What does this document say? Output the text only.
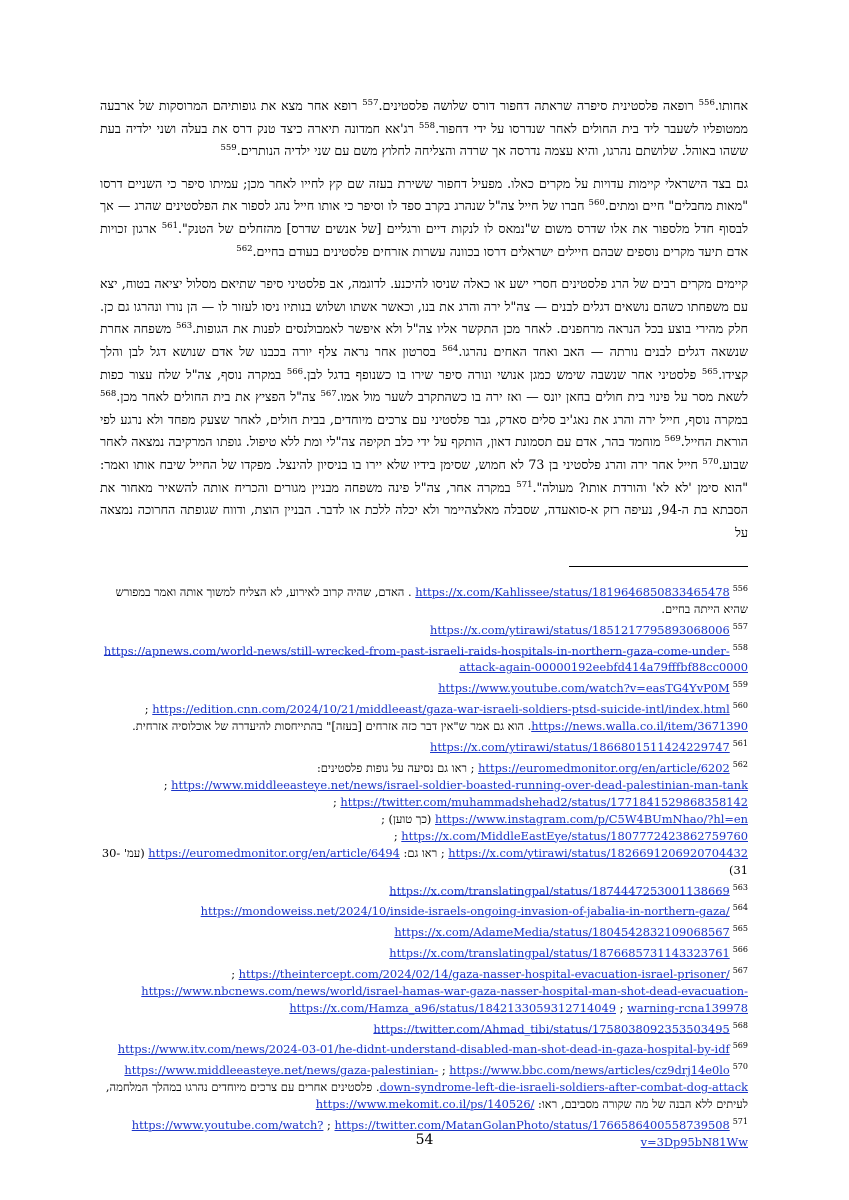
אחותו.$^{556}$ רופאה פלסטינית סיפרה שראתה דחפור דורס שלושה פלסטינים.$^{557}$ רופא אחר מצא את גופותיהם המרוסקות של ארבעה ממטופליו לשעבר ליד בית החולים לאחר שנדרסו על ידי דחפור.$^{558}$ רג'אא חמדונה תיארה כיצד טנק דרס את בעלה ושני ילדיה בעת ששהו באוהל. שלושתם נהרגו, והיא עצמה נדרסה אך שרדה והצליחה לחלוץ משם עם שני ילדיה הנותרים.$^{559}$

גם בצד הישראלי קיימות עדויות על מקרים כאלו. מפעיל דחפור ששירת בעזה שם קץ לחייו לאחר מכן; עמיתו סיפר כי השניים דרסו "מאות מחבלים" חיים ומתים.$^{560}$ חברו של חייל צה"ל שנהרג בקרב ספד לו וסיפר כי אותו חייל נהג לספור את הפלסטינים שהרג — אך לבסוף חדל מלספור את אלו שדרס משום ש"נמאס לו לנקות דיים ורגליים [של אנשים שדרס] מהזחלים של הטנק".$^{561}$ ארגון זכויות אדם תיעד מקרים נוספים שבהם חיילים ישראלים דרסו בכוונה עשרות אזרחים פלסטינים בעודם בחיים.$^{562}$

קיימים מקרים רבים של הרג פלסטינים חסרי ישע או כאלה שניסו להיכנע. לדוגמה, אב פלסטיני סיפר שתיאם מסלול יציאה בטוח, יצא עם משפחתו כשהם נושאים דגלים לבנים — צה"ל ירה והרג את בנו, וכאשר אשתו ושלוש בנותיו ניסו לעזור לו — הן נורו ונהרגו גם כן. חלק מהירי בוצע בכל הנראה מרחפנים. לאחר מכן התקשר אליו צה"ל ולא איפשר לאמבולנסים לפנות את הגופות.$^{563}$ משפחה אחרת שנשאה דגלים לבנים נורתה — האב ואחד האחים נהרגו.$^{564}$ בסרטון אחר נראה צלף יורה בכבנו של אדם שנושא דגל לבן והלך קצידו.$^{565}$ פלסטיני אחר שנשבה שימש כמגן אנושי ונורה סיפר שירו בו כשנופף בדגל לבן.$^{566}$ במקרה נוסף, צה"ל שלח עצור כפות לשאת מסר על פינוי בית חולים בחאן יונס — ואז ירה בו כשהתקרב לשער מול אמו.$^{567}$ צה"ל הפציץ את בית החולים לאחר מכן.$^{568}$ במקרה נוסף, חייל ירה והרג את נאג'יב סלים סאדק, גבר פלסטיני עם צרכים מיוחדים, בבית חולים, לאחר שצעק מפחד ולא נרגע לפי הוראת החייל.$^{569}$ מוחמד בהר, אדם עם תסמונת דאון, הותקף על ידי כלב תקיפה צה"לי ומת ללא טיפול. גופתו המרקיבה נמצאה לאחר שבוע.$^{570}$ חייל אחר ירה והרג פלסטיני בן 73 לא חמוש, שסימן בידיו שלא יירו בו בניסיון להינצל. מפקדו של החייל שיבח אותו ואמר: "הוא סימן 'לא לא' והורדת אותו? מעולה".$^{571}$ במקרה אחר, צה"ל פינה משפחה מבניין מגורים והכריח אותה להשאיר מאחור את הסבתא בת ה-94, נעיפה רזק א-סואעדה, שסבלה מאלצהיימר ולא יכלה ללכת או לדבר. הבניין הוצת, ודווח שגופתה החרוכה נמצאה על

$^{556}$https://x.com/Kahlissee/status/1819646850833465478 . האדם, שהיה קרוב לאירוע, לא הצליח למשוך אותה ואמר במפורש שהיא הייתה בחיים.

$^{557}$https://x.com/ytirawi/status/1851217795893068006

$^{558}$https://apnews.com/world-news/still-wrecked-from-past-israeli-raids-hospitals-in-northern-gaza-come-under-attack-again-00000192eebfd414a79fffbf88cc0000

$^{559}$https://www.youtube.com/watch?v=easTG4YvP0M

$^{560}$https://edition.cnn.com/2024/10/21/middleeast/gaza-war-israeli-soldiers-ptsd-suicide-intl/index.html ; https://news.walla.co.il/item/3671390. הוא גם אמר ש"אין דבר כזה אזרחים [בעזה]" בהתייחסות להיעדרה של אוכלוסיה אזרחית.

$^{561}$https://x.com/ytirawi/status/1866801511424229747

$^{562}$https://euromedmonitor.org/en/article/6202 ; ראו גם נסיעה על גופות פלסטינים: https://www.middleeasteye.net/news/israel-soldier-boasted-running-over-dead-palestinian-man-tank ; https://twitter.com/muhammadshehad2/status/1771841529868358142 ; https://www.instagram.com/p/C5W4BUmNhao/?hl=en (כך טוען) ; https://x.com/MiddleEastEye/status/1807772423862759760 ; https://x.com/ytirawi/status/1826691206920704432 ; ראו גם: https://euromedmonitor.org/en/article/6494 (עמ' 30-31)

$^{563}$https://x.com/translatingpal/status/1874447253001138669

$^{564}$https://mondoweiss.net/2024/10/inside-israels-ongoing-invasion-of-jabalia-in-northern-gaza/

$^{565}$https://x.com/AdameMedia/status/1804542832109068567

$^{566}$https://x.com/translatingpal/status/1876685731143323761

$^{567}$https://theintercept.com/2024/02/14/gaza-nasser-hospital-evacuation-israel-prisoner/ ; https://www.nbcnews.com/news/world/israel-hamas-war-gaza-nasser-hospital-man-shot-dead-evacuation-warning-rcna139978 ; https://x.com/Hamza_a96/status/1842133059312714049

$^{568}$https://twitter.com/Ahmad_tibi/status/1758038092353503495

$^{569}$https://www.itv.com/news/2024-03-01/he-didnt-understand-disabled-man-shot-dead-in-gaza-hospital-by-idf

$^{570}$https://www.bbc.com/news/articles/cz9drj14e0lo ; https://www.middleeasteye.net/news/gaza-palestinian-down-syndrome-left-die-israeli-soldiers-after-combat-dog-attack. פלסטינים אחרים עם צרכים מיוחדים נהרגו במהלך המלחמה, לעיתים ללא הבנה של מה שקורה מסביבם, ראו: https://www.mekomit.co.il/ps/140526/

$^{571}$https://twitter.com/MatanGolanPhoto/status/1766586400558739508 ; https://www.youtube.com/watch?v=3Dp95bN81Ww

54
